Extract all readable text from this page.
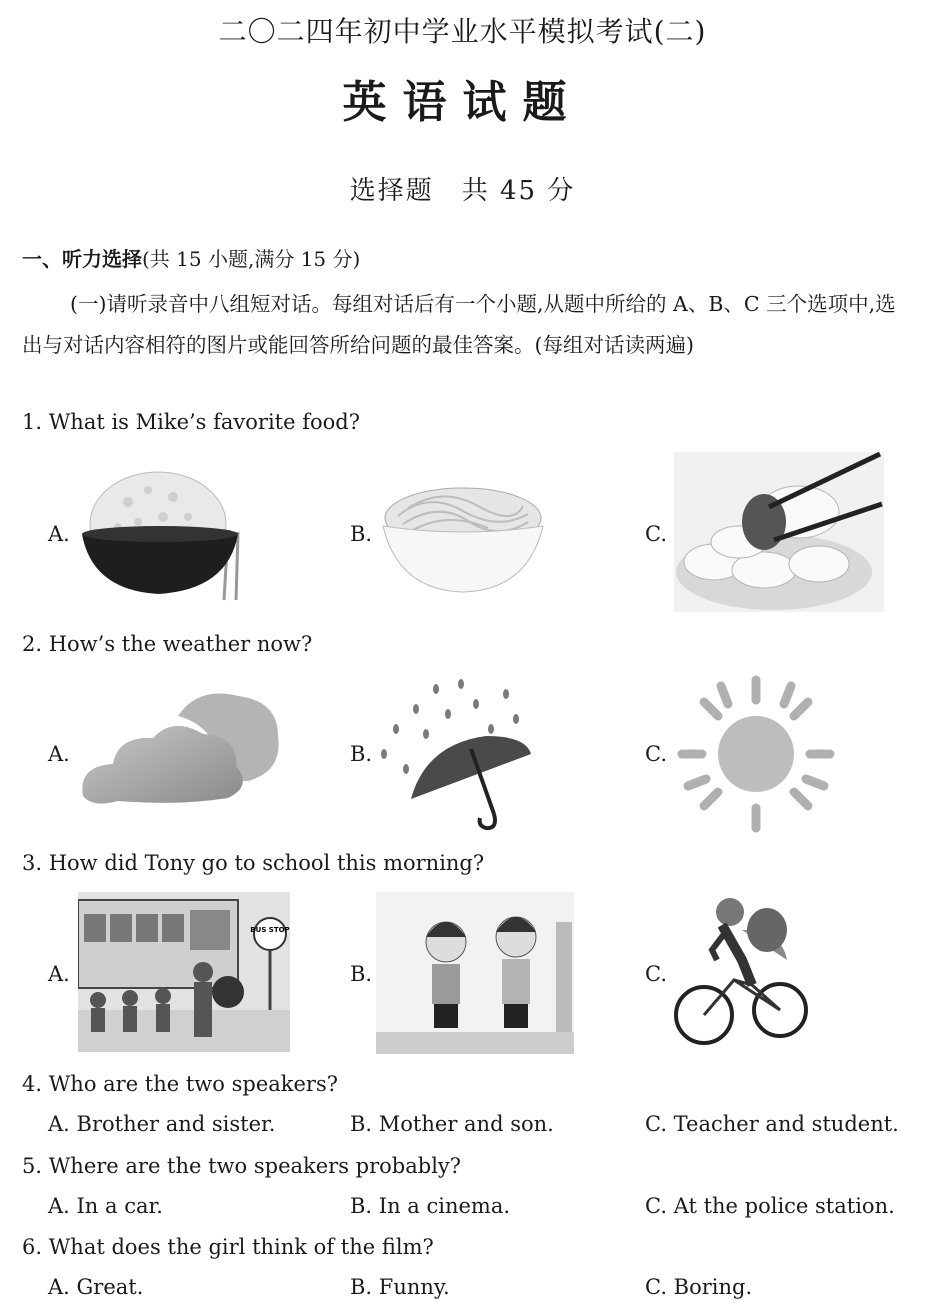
二〇二四年初中学业水平模拟考试(二)
英语试题
选择题　共 45 分
一、听力选择(共 15 小题,满分 15 分)
(一)请听录音中八组短对话。每组对话后有一个小题,从题中所给的 A、B、C 三个选项中,选出与对话内容相符的图片或能回答所给问题的最佳答案。(每组对话读两遍)
1. What is Mike’s favorite food?
A.	B.	C.
2. How’s the weather now?
A.	B.	C.
3. How did Tony go to school this morning?
A.	B.	C.
BUS STOP
4. Who are the two speakers?
A. Brother and sister.	B. Mother and son.	C. Teacher and student.
5. Where are the two speakers probably?
A. In a car.	B. In a cinema.	C. At the police station.
6. What does the girl think of the film?
A. Great.	B. Funny.	C. Boring.
